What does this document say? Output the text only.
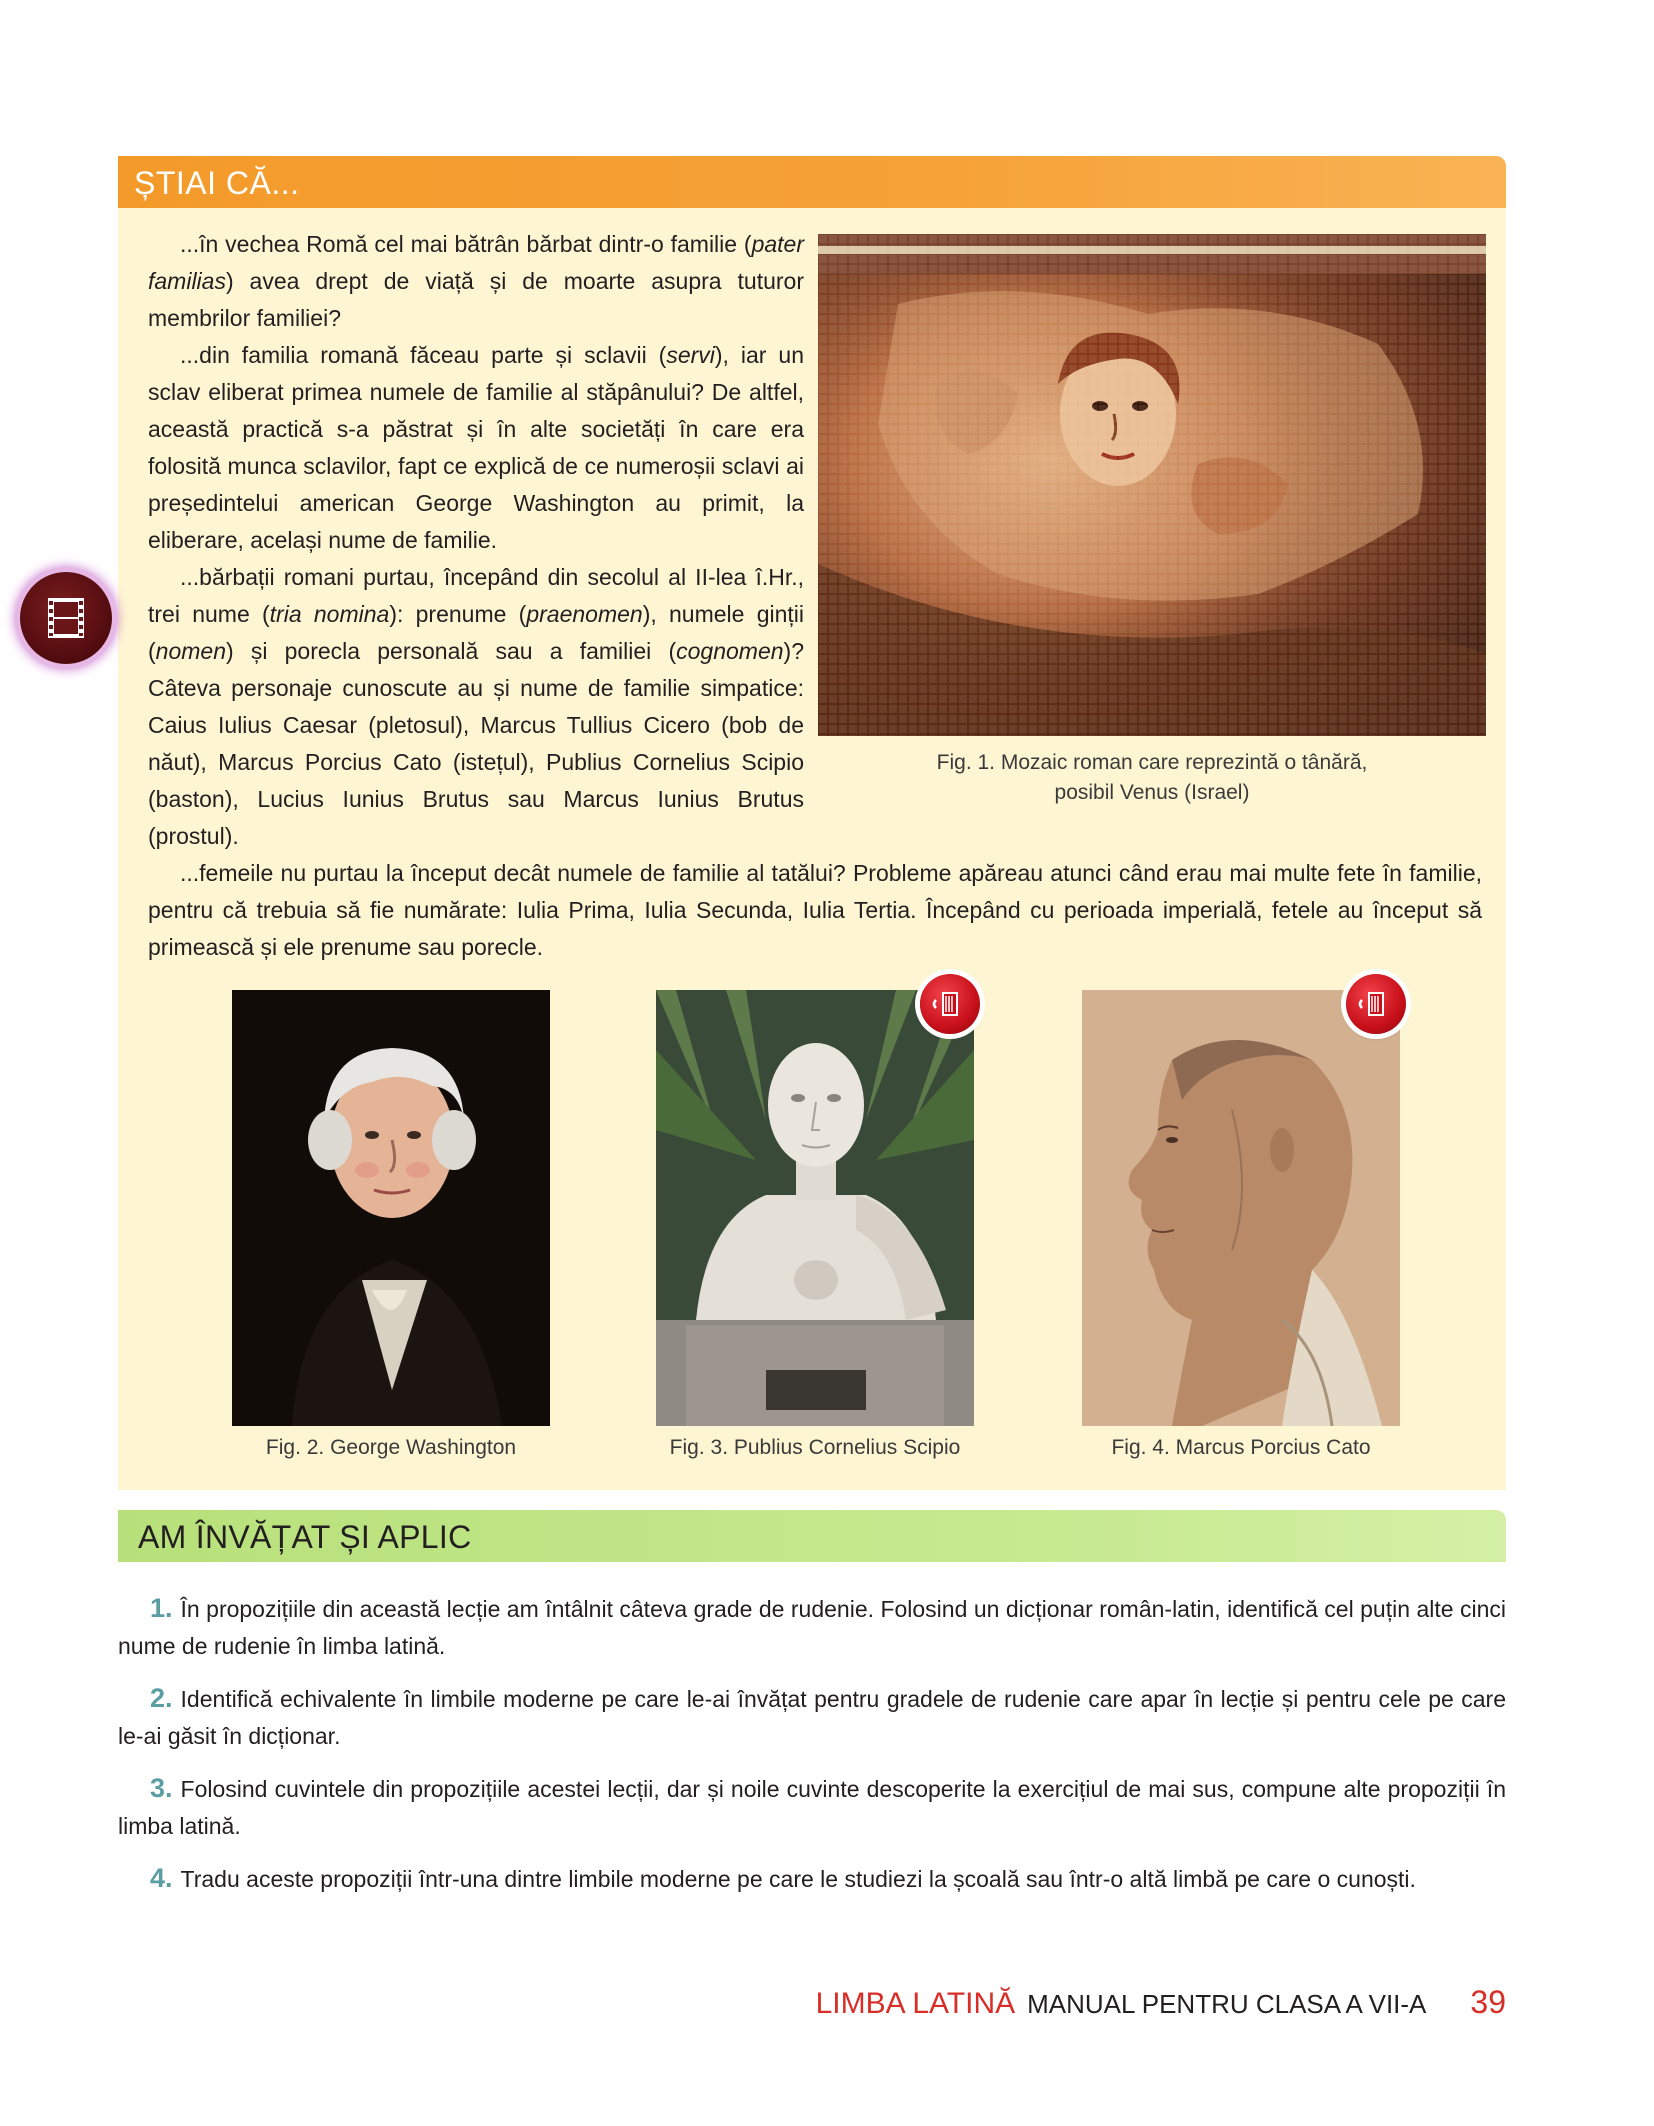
ȘTIAI CĂ...

...în vechea Romă cel mai bătrân bărbat dintr-o familie (pater familias) avea drept de viață și de moarte asupra tuturor membrilor familiei?

...din familia romană făceau parte și sclavii (servi), iar un sclav eliberat primea numele de familie al stăpânului? De altfel, această practică s-a păstrat și în alte societăți în care era folosită munca sclavilor, fapt ce explică de ce numeroșii sclavi ai președintelui american George Washington au primit, la eliberare, același nume de familie.

...bărbații romani purtau, începând din secolul al II-lea î.Hr., trei nume (tria nomina): prenume (praenomen), numele ginții (nomen) și porecla personală sau a familiei (cognomen)? Câteva personaje cunoscute au și nume de familie simpatice: Caius Iulius Caesar (pletosul), Marcus Tullius Cicero (bob de năut), Marcus Porcius Cato (istețul), Publius Cornelius Scipio (baston), Lucius Iunius Brutus sau Marcus Iunius Brutus (prostul).

Fig. 1. Mozaic roman care reprezintă o tânără,
posibil Venus (Israel)

...femeile nu purtau la început decât numele de familie al tatălui? Probleme apăreau atunci când erau mai multe fete în familie, pentru că trebuia să fie numărate: Iulia Prima, Iulia Secunda, Iulia Tertia. Începând cu perioada imperială, fetele au început să primească și ele prenume sau porecle.

Fig. 2. George Washington	Fig. 3. Publius Cornelius Scipio	Fig. 4. Marcus Porcius Cato
AM ÎNVĂȚAT ȘI APLIC
1. În propozițiile din această lecție am întâlnit câteva grade de rudenie. Folosind un dicționar român-latin, identifică cel puțin alte cinci nume de rudenie în limba latină.
2. Identifică echivalente în limbile moderne pe care le-ai învățat pentru gradele de rudenie care apar în lecție și pentru cele pe care le-ai găsit în dicționar.
3. Folosind cuvintele din propozițiile acestei lecții, dar și noile cuvinte descoperite la exercițiul de mai sus, compune alte propoziții în limba latină.
4. Tradu aceste propoziții într-una dintre limbile moderne pe care le studiezi la școală sau într-o altă limbă pe care o cunoști.
LIMBA LATINĂ MANUAL PENTRU CLASA A VII-A 39
